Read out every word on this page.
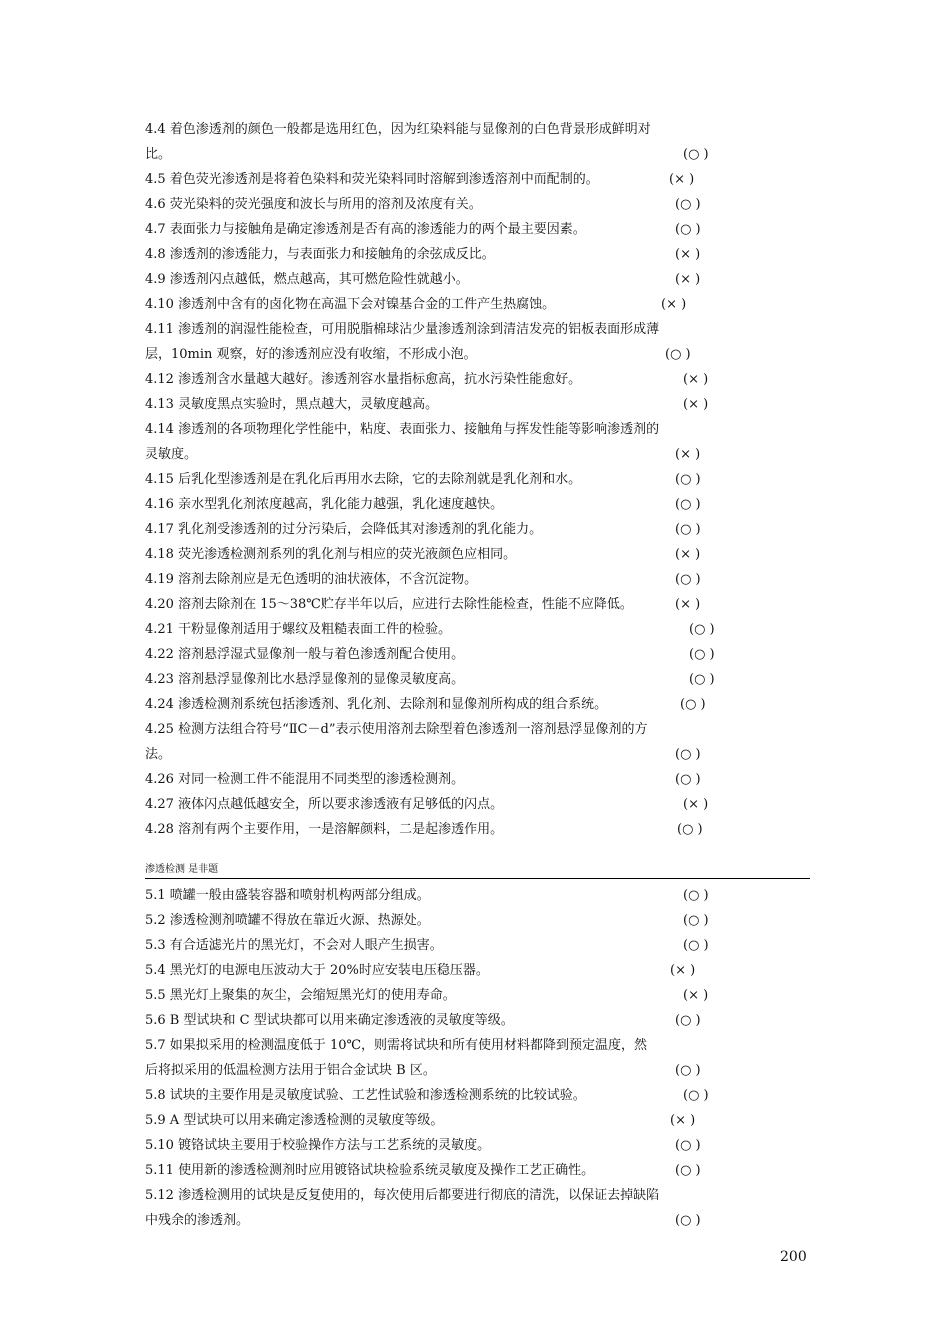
4.4 着色渗透剂的颜色一般都是选用红色，因为红染料能与显像剂的白色背景形成鲜明对
比。	(○ )
4.5 着色荧光渗透剂是将着色染料和荧光染料同时溶解到渗透溶剂中而配制的。	(× )
4.6 荧光染料的荧光强度和波长与所用的溶剂及浓度有关。	(○ )
4.7 表面张力与接触角是确定渗透剂是否有高的渗透能力的两个最主要因素。	(○ )
4.8 渗透剂的渗透能力，与表面张力和接触角的余弦成反比。	(× )
4.9 渗透剂闪点越低，燃点越高，其可燃危险性就越小。	(× )
4.10 渗透剂中含有的卤化物在高温下会对镍基合金的工件产生热腐蚀。	(× )
4.11 渗透剂的润湿性能检查，可用脱脂棉球沾少量渗透剂涂到清洁发亮的铝板表面形成薄
层，10min 观察，好的渗透剂应没有收缩，不形成小泡。	(○ )
4.12 渗透剂含水量越大越好。渗透剂容水量指标愈高，抗水污染性能愈好。	(× )
4.13 灵敏度黑点实验时，黑点越大，灵敏度越高。	(× )
4.14 渗透剂的各项物理化学性能中，粘度、表面张力、接触角与挥发性能等影响渗透剂的
灵敏度。	(× )
4.15 后乳化型渗透剂是在乳化后再用水去除，它的去除剂就是乳化剂和水。	(○ )
4.16 亲水型乳化剂浓度越高，乳化能力越强，乳化速度越快。	(○ )
4.17 乳化剂受渗透剂的过分污染后，会降低其对渗透剂的乳化能力。	(○ )
4.18 荧光渗透检测剂系列的乳化剂与相应的荧光液颜色应相同。	(× )
4.19 溶剂去除剂应是无色透明的油状液体，不含沉淀物。	(○ )
4.20 溶剂去除剂在 15～38℃贮存半年以后，应进行去除性能检查，性能不应降低。	(× )
4.21 干粉显像剂适用于螺纹及粗糙表面工件的检验。	(○ )
4.22 溶剂悬浮湿式显像剂一般与着色渗透剂配合使用。	(○ )
4.23 溶剂悬浮显像剂比水悬浮显像剂的显像灵敏度高。	(○ )
4.24 渗透检测剂系统包括渗透剂、乳化剂、去除剂和显像剂所构成的组合系统。	(○ )
4.25 检测方法组合符号“ⅡC－d”表示使用溶剂去除型着色渗透剂一溶剂悬浮显像剂的方
法。	(○ )
4.26 对同一检测工件不能混用不同类型的渗透检测剂。	(○ )
4.27 液体闪点越低越安全，所以要求渗透液有足够低的闪点。	(× )
4.28 溶剂有两个主要作用，一是溶解颜料，二是起渗透作用。	(○ )
渗透检测 是非题
5.1 喷罐一般由盛装容器和喷射机构两部分组成。	(○ )
5.2 渗透检测剂喷罐不得放在靠近火源、热源处。	(○ )
5.3 有合适滤光片的黑光灯，不会对人眼产生损害。	(○ )
5.4 黑光灯的电源电压波动大于 20%时应安装电压稳压器。	(× )
5.5 黑光灯上聚集的灰尘，会缩短黑光灯的使用寿命。	(× )
5.6 B 型试块和 C 型试块都可以用来确定渗透液的灵敏度等级。	(○ )
5.7 如果拟采用的检测温度低于 10℃，则需将试块和所有使用材料都降到预定温度，然
后将拟采用的低温检测方法用于铝合金试块 B 区。	(○ )
5.8 试块的主要作用是灵敏度试验、工艺性试验和渗透检测系统的比较试验。	(○ )
5.9 A 型试块可以用来确定渗透检测的灵敏度等级。	(× )
5.10 镀铬试块主要用于校验操作方法与工艺系统的灵敏度。	(○ )
5.11 使用新的渗透检测剂时应用镀铬试块检验系统灵敏度及操作工艺正确性。	(○ )
5.12 渗透检测用的试块是反复使用的，每次使用后都要进行彻底的清洗，以保证去掉缺陷
中残余的渗透剂。	(○ )
200
